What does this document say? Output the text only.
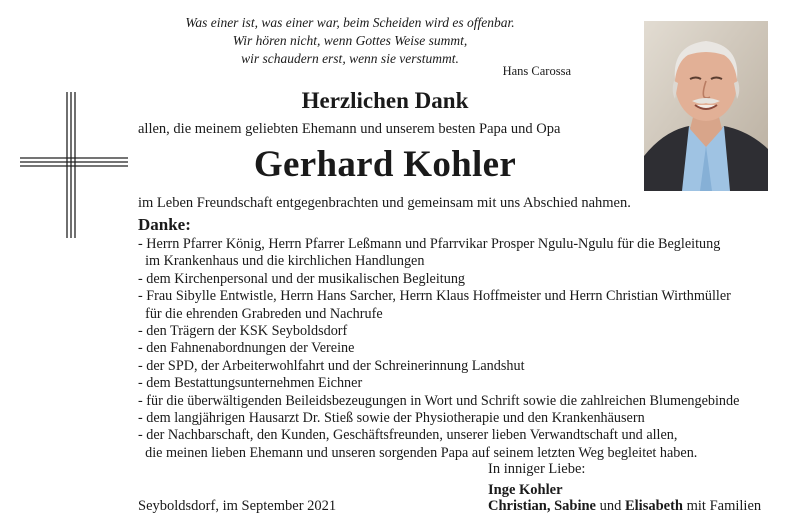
Was einer ist, was einer war, beim Scheiden wird es offenbar.
Wir hören nicht, wenn Gottes Weise summt,
wir schaudern erst, wenn sie verstummt.
Hans Carossa
Herzlichen Dank
allen, die meinem geliebten Ehemann und unserem besten Papa und Opa
Gerhard Kohler
im Leben Freundschaft entgegenbrachten und gemeinsam mit uns Abschied nahmen.
Danke:
- Herrn Pfarrer König, Herrn Pfarrer Leßmann und Pfarrvikar Prosper Ngulu-Ngulu für die Begleitung
im Krankenhaus und die kirchlichen Handlungen
- dem Kirchenpersonal und der musikalischen Begleitung
- Frau Sibylle Entwistle, Herrn Hans Sarcher, Herrn Klaus Hoffmeister und Herrn Christian Wirthmüller
für die ehrenden Grabreden und Nachrufe
- den Trägern der KSK Seyboldsdorf
- den Fahnenabordnungen der Vereine
- der SPD, der Arbeiterwohlfahrt und der Schreinerinnung Landshut
- dem Bestattungsunternehmen Eichner
- für die überwältigenden Beileidsbezeugungen in Wort und Schrift sowie die zahlreichen Blumengebinde
- dem langjährigen Hausarzt Dr. Stieß sowie der Physiotherapie und den Krankenhäusern
- der Nachbarschaft, den Kunden, Geschäftsfreunden, unserer lieben Verwandtschaft und allen,
die meinen lieben Ehemann und unseren sorgenden Papa auf seinem letzten Weg begleitet haben.
Seyboldsdorf, im September 2021
In inniger Liebe:
Inge Kohler
Christian, Sabine und Elisabeth mit Familien
